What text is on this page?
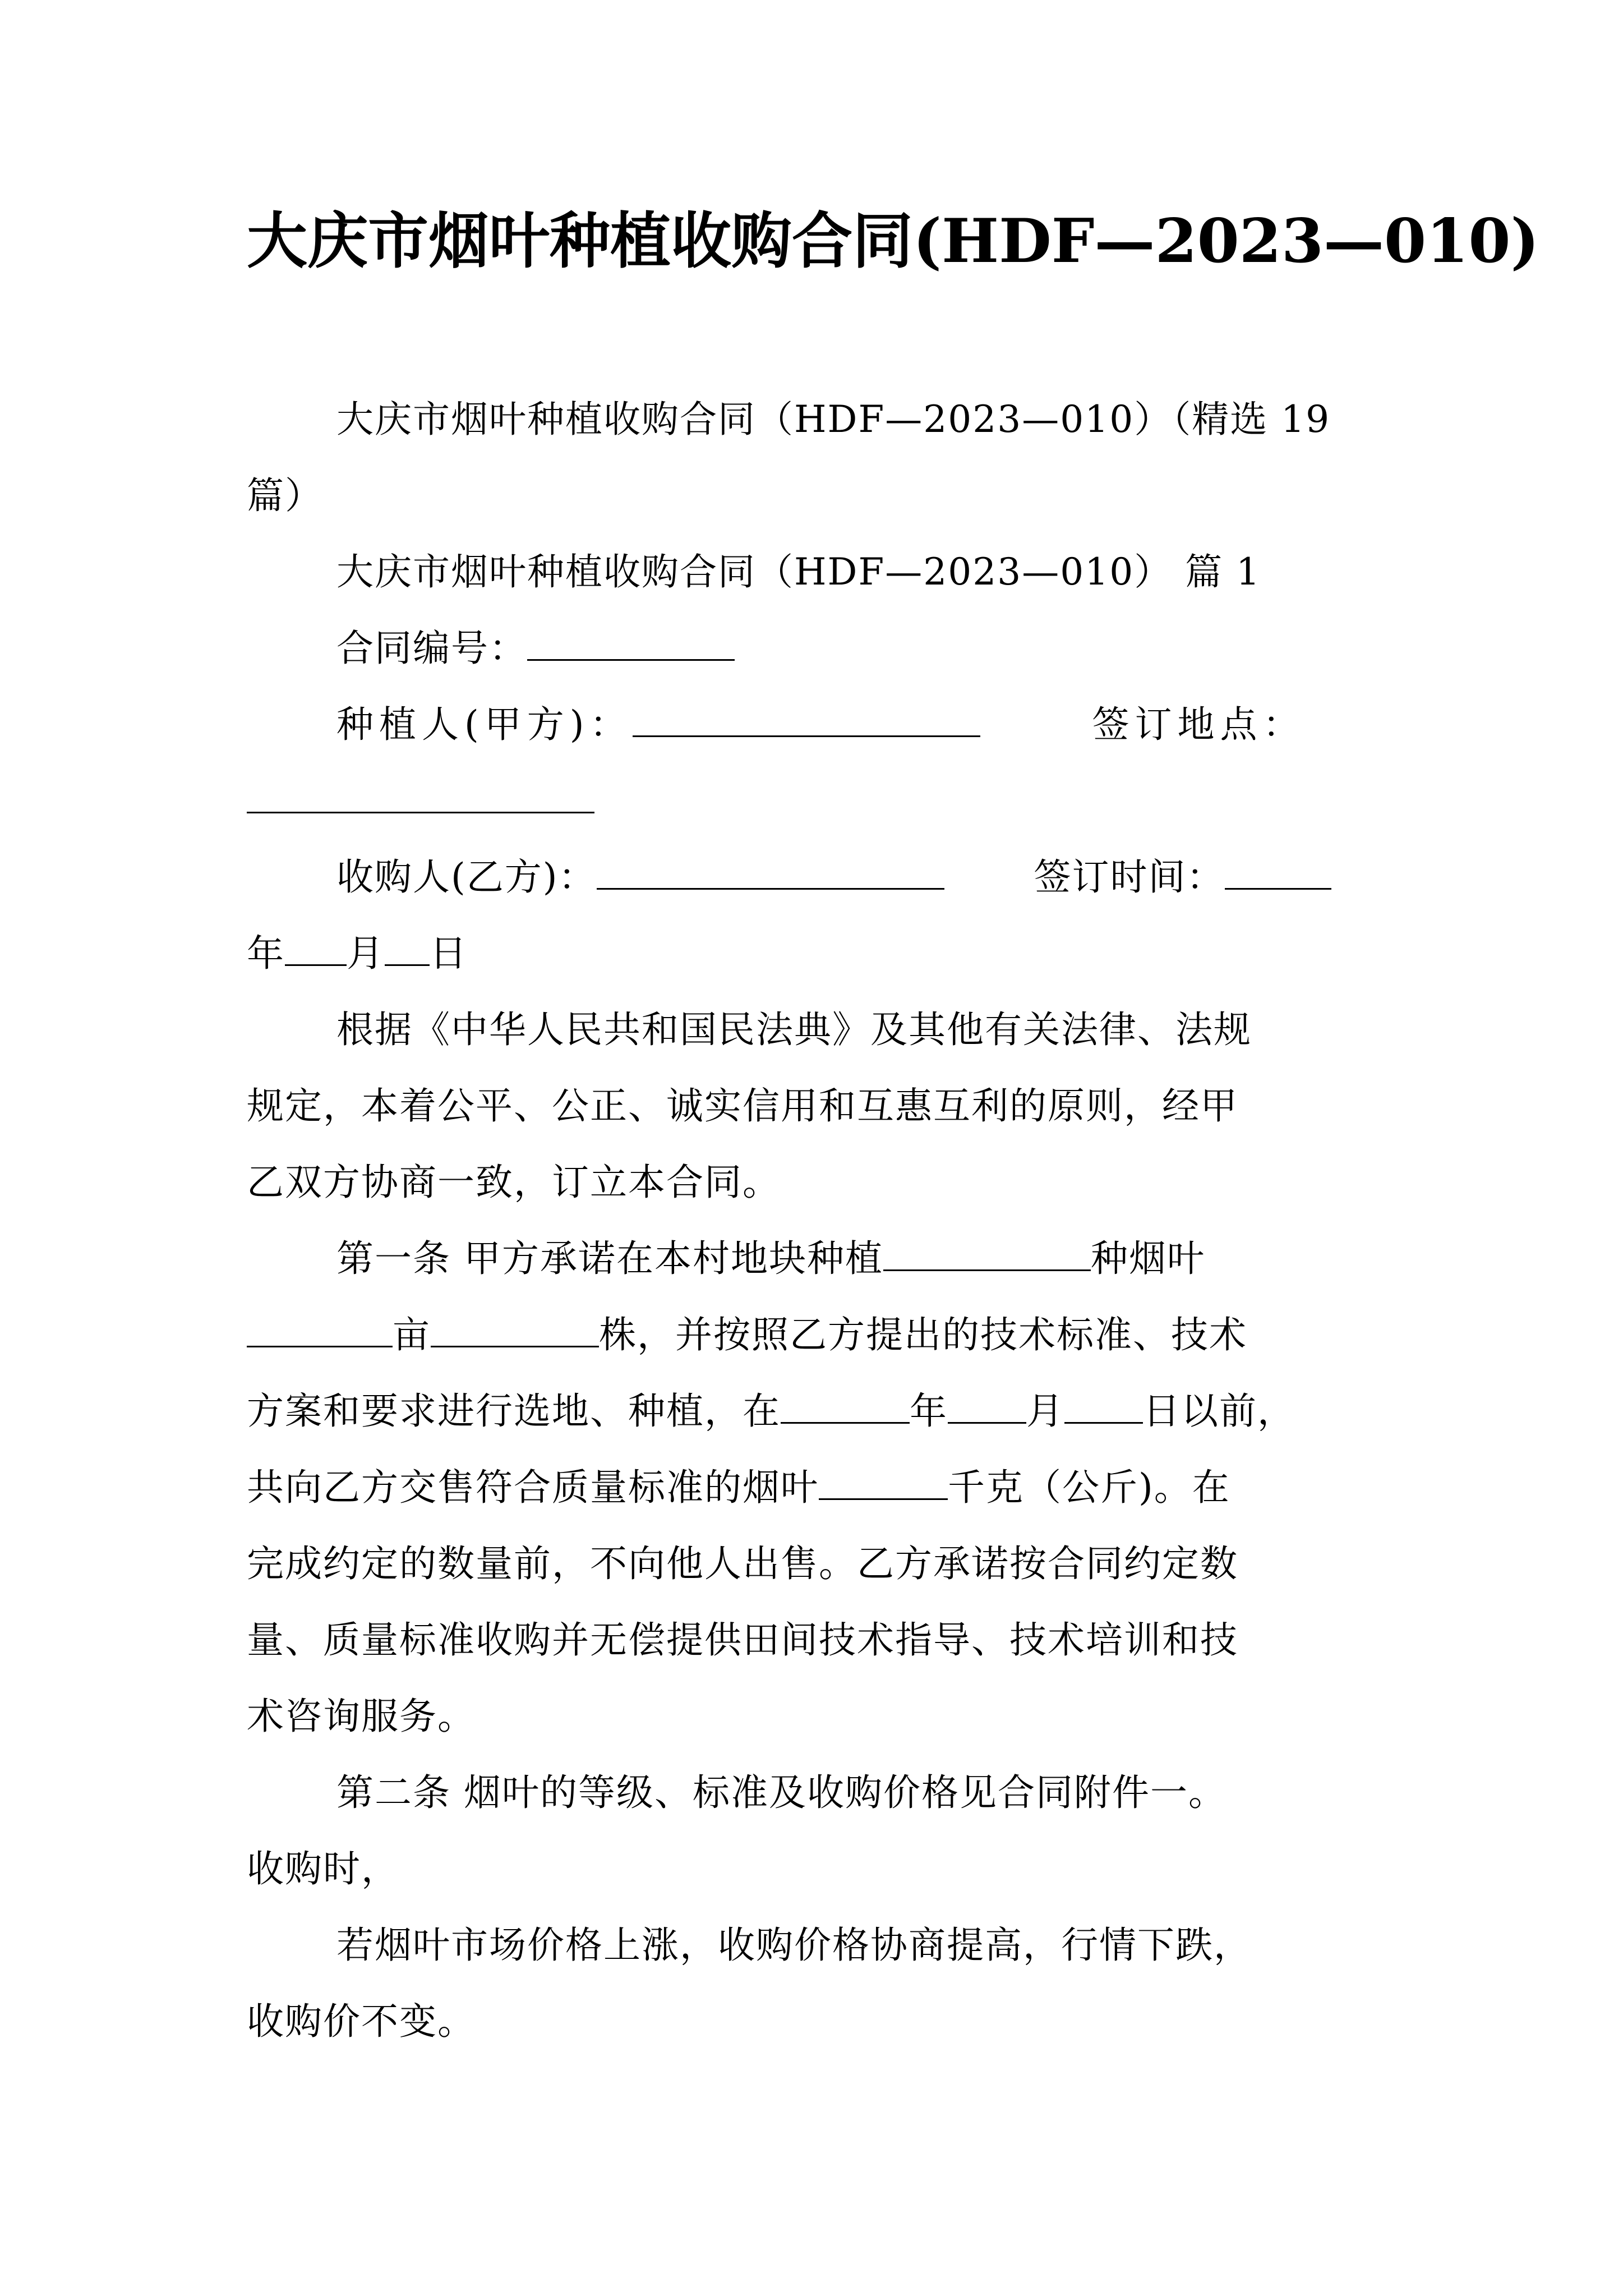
大庆市烟叶种植收购合同(HDF—2023—010)
大庆市烟叶种植收购合同（HDF—2023—010）（精选 19
篇）
大庆市烟叶种植收购合同（HDF—2023—010） 篇 1
合同编号：
种植人(甲方)：	签订地点：
收购人(乙方)：	签订时间：
年 月 日
根据《中华人民共和国民法典》及其他有关法律、法规
规定，本着公平、公正、诚实信用和互惠互利的原则，经甲
乙双方协商一致，订立本合同。
第一条 甲方承诺在本村地块种植	种烟叶
亩	株，并按照乙方提出的技术标准、技术
方案和要求进行选地、种植，在	年 月 日以前，
共向乙方交售符合质量标准的烟叶	千克（公斤)。在
完成约定的数量前，不向他人出售。乙方承诺按合同约定数
量、质量标准收购并无偿提供田间技术指导、技术培训和技
术咨询服务。
第二条 烟叶的等级、标准及收购价格见合同附件一。
收购时，
若烟叶市场价格上涨，收购价格协商提高，行情下跌，
收购价不变。
